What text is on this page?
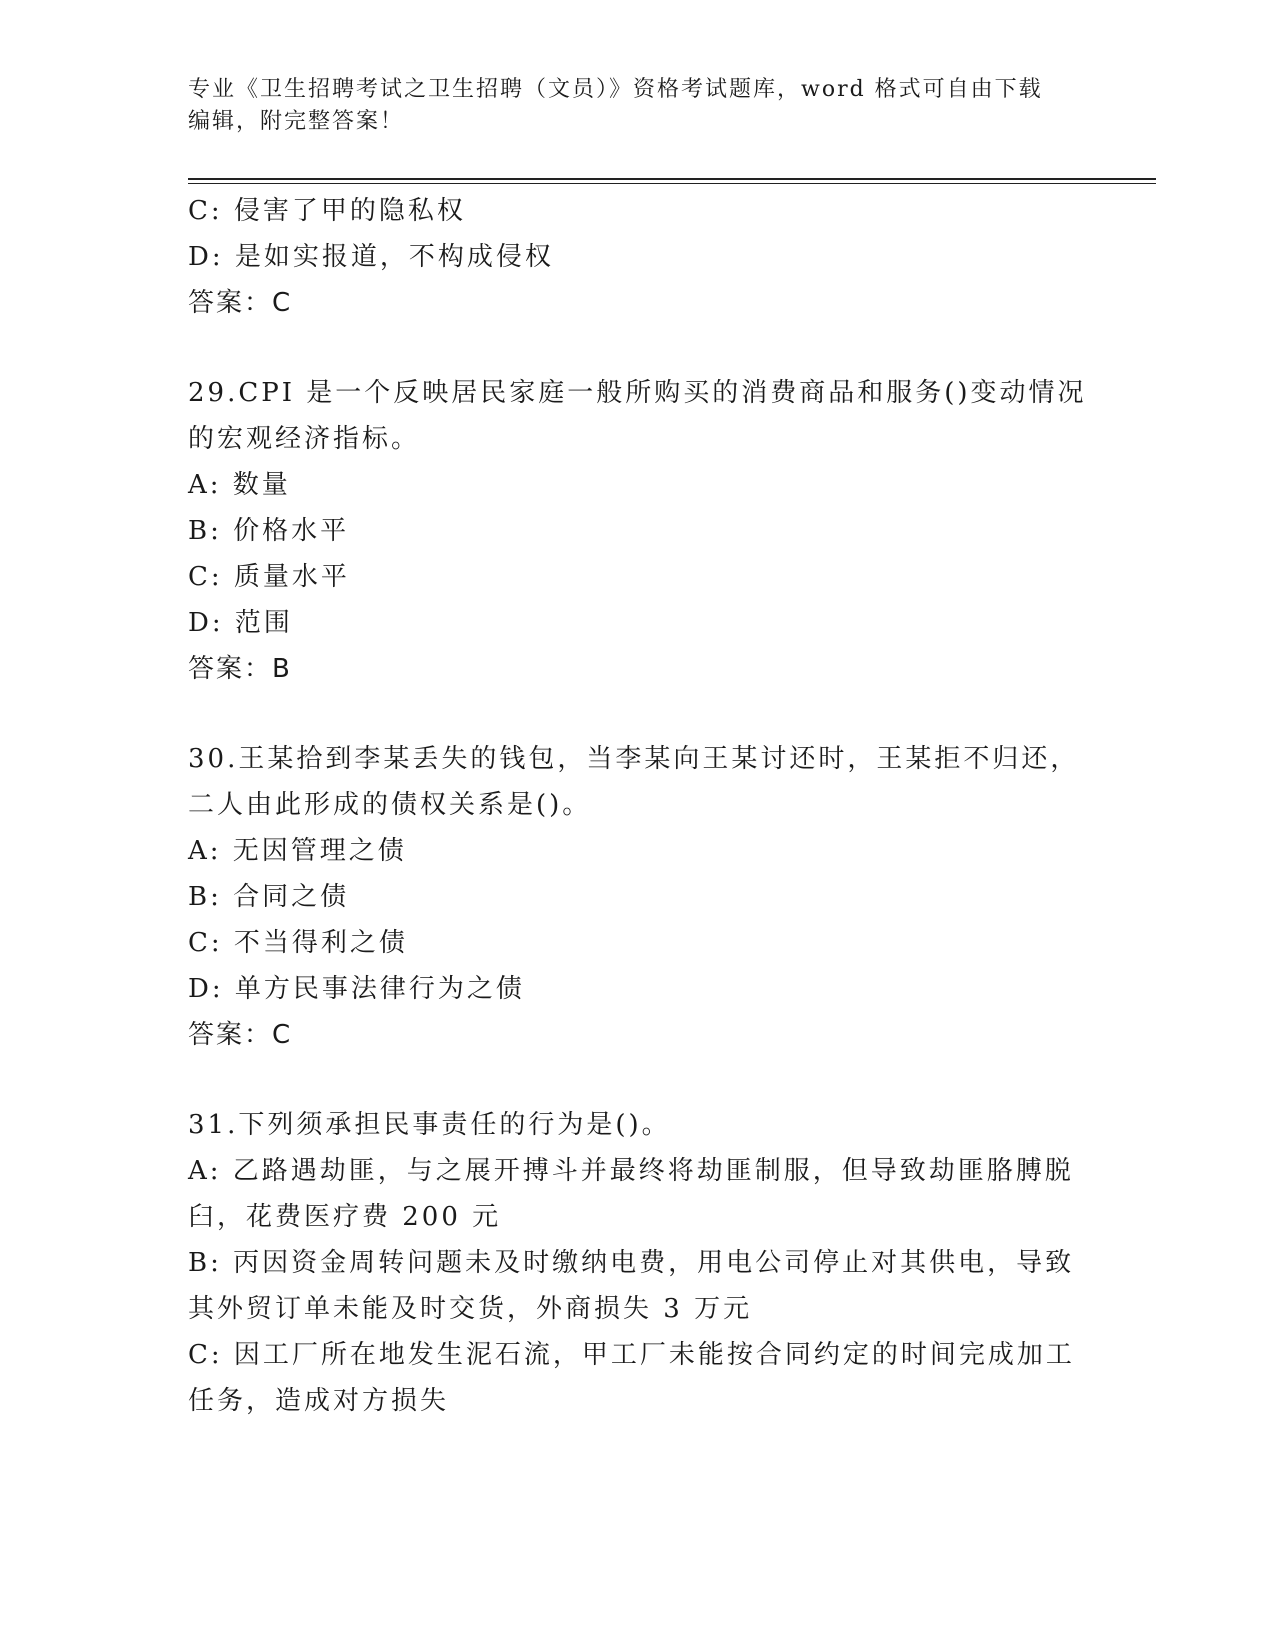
专业《卫生招聘考试之卫生招聘（文员）》资格考试题库，word 格式可自由下载
编辑，附完整答案！
C: 侵害了甲的隐私权
D: 是如实报道，不构成侵权
答案：C
29.CPI 是一个反映居民家庭一般所购买的消费商品和服务()变动情况
的宏观经济指标。
A: 数量
B: 价格水平
C: 质量水平
D: 范围
答案：B
30.王某拾到李某丢失的钱包，当李某向王某讨还时，王某拒不归还，
二人由此形成的债权关系是()。
A: 无因管理之债
B: 合同之债
C: 不当得利之债
D: 单方民事法律行为之债
答案：C
31.下列须承担民事责任的行为是()。
A: 乙路遇劫匪，与之展开搏斗并最终将劫匪制服，但导致劫匪胳膊脱
臼，花费医疗费 200 元
B: 丙因资金周转问题未及时缴纳电费，用电公司停止对其供电，导致
其外贸订单未能及时交货，外商损失 3 万元
C: 因工厂所在地发生泥石流，甲工厂未能按合同约定的时间完成加工
任务，造成对方损失
